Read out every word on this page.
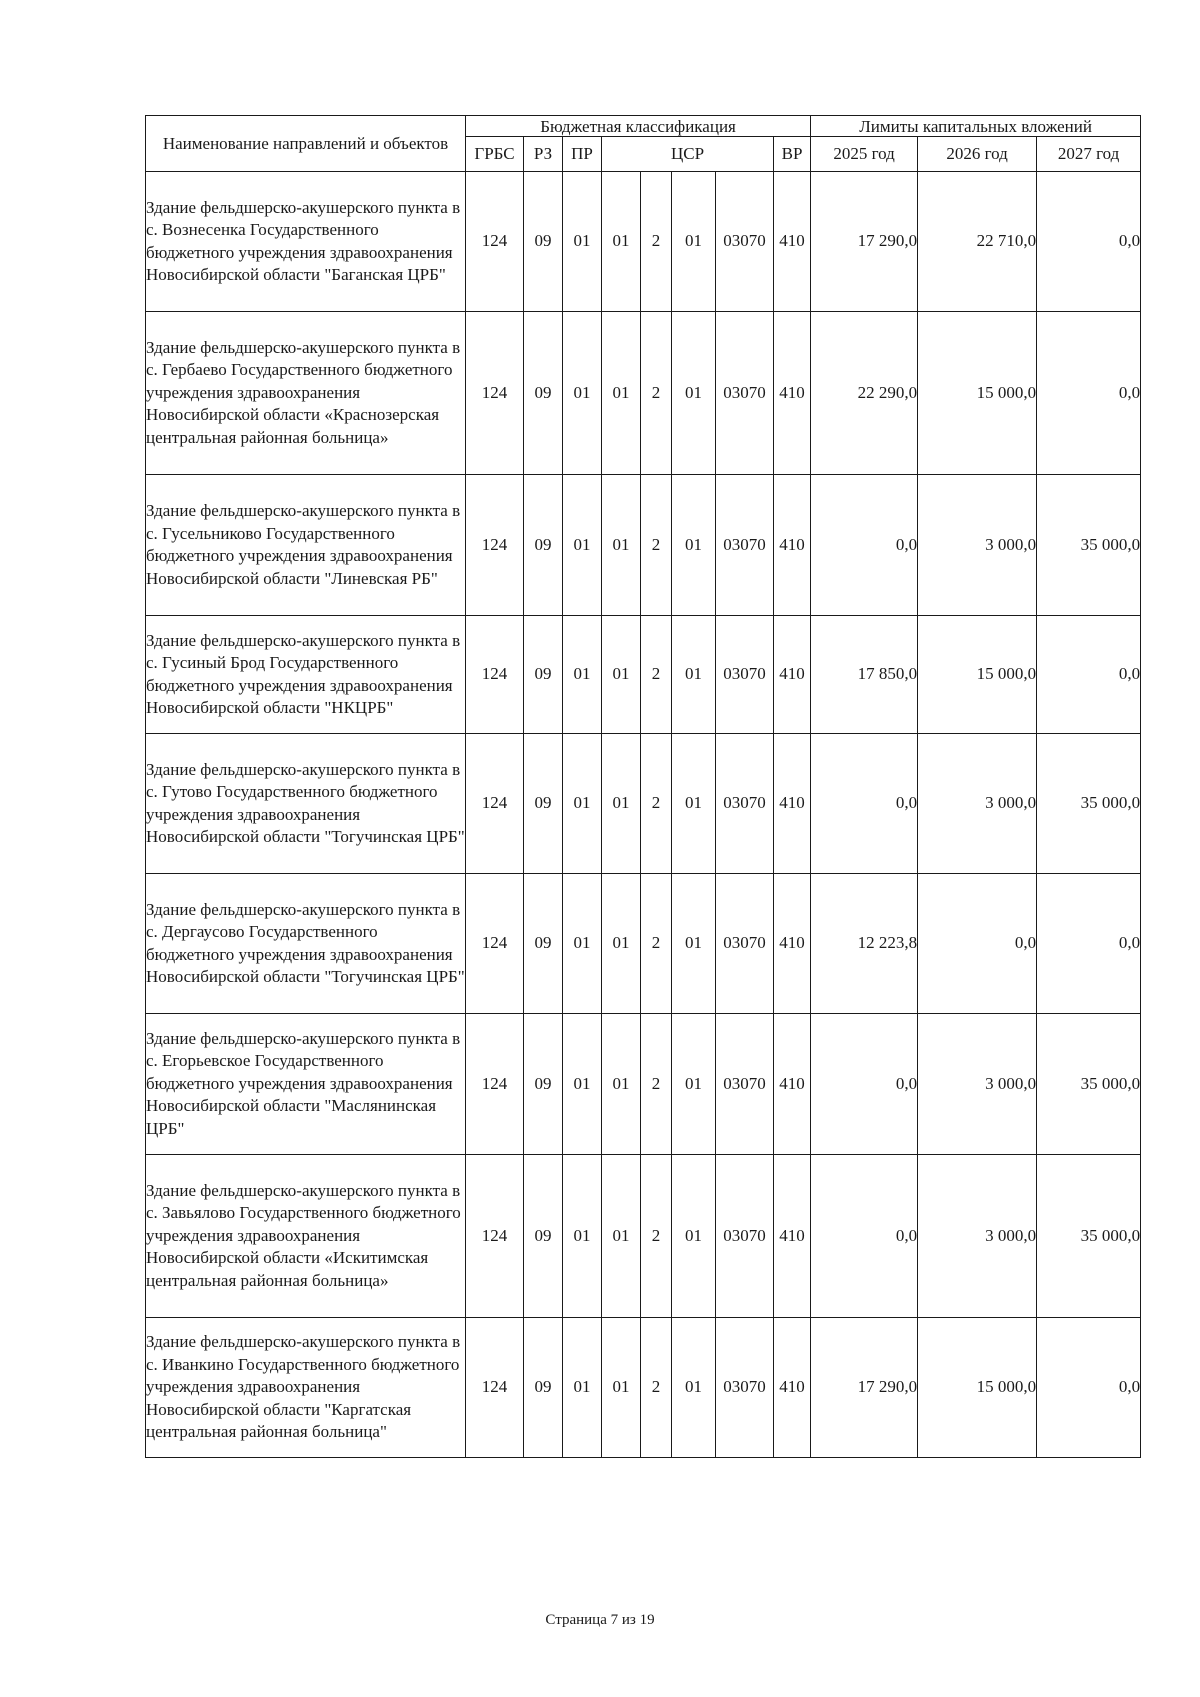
Наименование направлений и объектов	Бюджетная классификация								Лимиты капитальных вложений		
	ГРБС	РЗ	ПР	ЦСР				ВР	2025 год	2026 год	2027 год
Здание фельдшерско-акушерского пункта в с. Вознесенка Государственного бюджетного учреждения здравоохранения Новосибирской области "Баганская ЦРБ"	124	09	01	01	2	01	03070	410	17 290,0	22 710,0	0,0
Здание фельдшерско-акушерского пункта в с. Гербаево Государственного бюджетного учреждения здравоохранения Новосибирской области «Краснозерская центральная районная больница»	124	09	01	01	2	01	03070	410	22 290,0	15 000,0	0,0
Здание фельдшерско-акушерского пункта в с. Гусельниково Государственного бюджетного учреждения здравоохранения Новосибирской области "Линевская РБ"	124	09	01	01	2	01	03070	410	0,0	3 000,0	35 000,0
Здание фельдшерско-акушерского пункта в с. Гусиный Брод Государственного бюджетного учреждения здравоохранения Новосибирской области "НКЦРБ"	124	09	01	01	2	01	03070	410	17 850,0	15 000,0	0,0
Здание фельдшерско-акушерского пункта в с. Гутово Государственного бюджетного учреждения здравоохранения Новосибирской области "Тогучинская ЦРБ"	124	09	01	01	2	01	03070	410	0,0	3 000,0	35 000,0
Здание фельдшерско-акушерского пункта в с. Дергаусово Государственного бюджетного учреждения здравоохранения Новосибирской области "Тогучинская ЦРБ"	124	09	01	01	2	01	03070	410	12 223,8	0,0	0,0
Здание фельдшерско-акушерского пункта в с. Егорьевское Государственного бюджетного учреждения здравоохранения Новосибирской области "Маслянинская ЦРБ"	124	09	01	01	2	01	03070	410	0,0	3 000,0	35 000,0
Здание фельдшерско-акушерского пункта в с. Завьялово Государственного бюджетного учреждения здравоохранения Новосибирской области «Искитимская центральная районная больница»	124	09	01	01	2	01	03070	410	0,0	3 000,0	35 000,0
Здание фельдшерско-акушерского пункта в с. Иванкино Государственного бюджетного учреждения здравоохранения Новосибирской области "Каргатская центральная районная больница"	124	09	01	01	2	01	03070	410	17 290,0	15 000,0	0,0
Страница 7 из 19
